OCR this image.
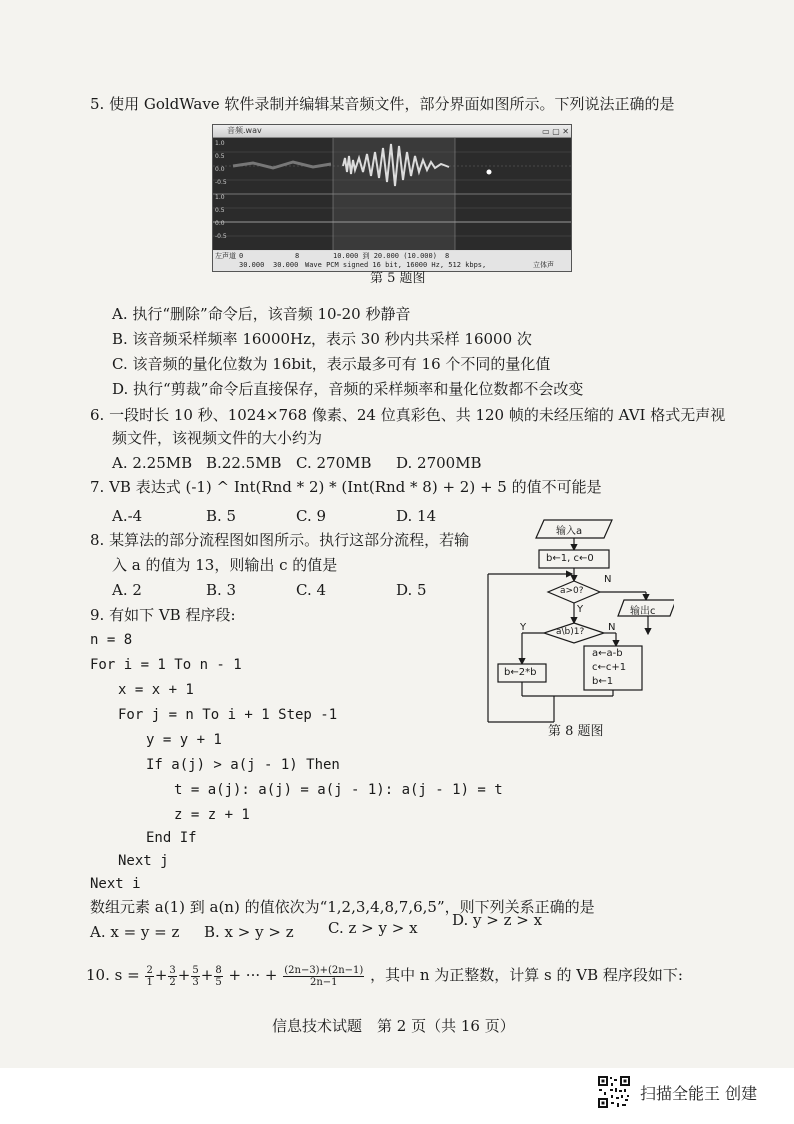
5. 使用 GoldWave 软件录制并编辑某音频文件，部分界面如图所示。下列说法正确的是
音频.wav	▭ ▢ ✕
1.0
0.5
0.0
-0.5
1.0
0.5
0.0
-0.5
左声道 0	8	10.000 到 20.000 (10.000) 8
30.000 30.000 Wave PCM signed 16 bit, 16000 Hz, 512 kbps,	立体声
第 5 题图
A. 执行“删除”命令后，该音频 10-20 秒静音
B. 该音频采样频率 16000Hz，表示 30 秒内共采样 16000 次
C. 该音频的量化位数为 16bit，表示最多可有 16 个不同的量化值
D. 执行“剪裁”命令后直接保存，音频的采样频率和量化位数都不会改变
6. 一段时长 10 秒、1024×768 像素、24 位真彩色、共 120 帧的未经压缩的 AVI 格式无声视
频文件，该视频文件的大小约为
A. 2.25MB B.22.5MB C. 270MB D. 2700MB
7. VB 表达式 (-1) ^ Int(Rnd * 2) * (Int(Rnd * 8) + 2) + 5 的值不可能是
A.-4	B. 5	C. 9	D. 14
8. 某算法的部分流程图如图所示。执行这部分流程，若输
入 a 的值为 13，则输出 c 的值是
A. 2	B. 3	C. 4	D. 5
输入a
b←1, c←0
a>0?
a\b)1?
输出c
b←2*b
a←a-b
c←c+1
b←1
N
Y
Y	N
第 8 题图
9. 有如下 VB 程序段:
n = 8
For i = 1 To n - 1
x = x + 1
For j = n To i + 1 Step -1
y = y + 1
If a(j) > a(j - 1) Then
t = a(j): a(j) = a(j - 1): a(j - 1) = t
z = z + 1
End If
Next j
Next i
数组元素 a(1) 到 a(n) 的值依次为“1,2,3,4,8,7,6,5”，则下列关系正确的是
A. x = y = z B. x > y > z C. z > y > x D. y > z > x
10. $s = \frac{2}{1} + \frac{3}{2} + \frac{5}{3} + \frac{8}{5}$ + ··· + $\frac{(2n-3)+(2n-1)}{2n-1}$ ，其中 n 为正整数，计算 s 的 VB 程序段如下:
信息技术试题　第 2 页（共 16 页）
扫描全能王 创建
